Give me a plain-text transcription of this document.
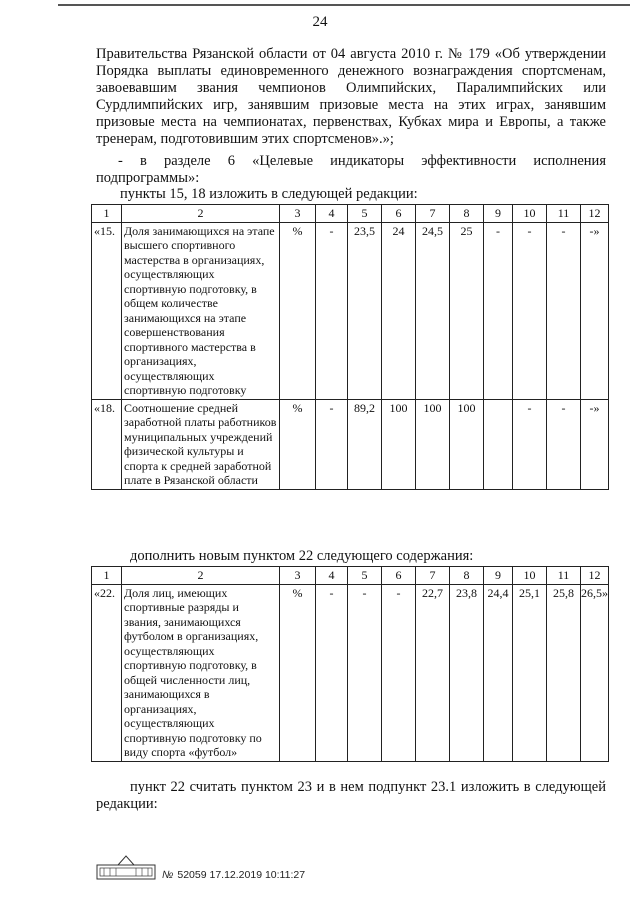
24
Правительства Рязанской области от 04 августа 2010 г. № 179 «Об утверждении Порядка выплаты единовременного денежного вознаграждения спортсменам, завоевавшим звания чемпионов Олимпийских, Паралимпийских или Сурдлимпийских игр, занявшим призовые места на этих играх, занявшим призовые места на чемпионатах, первенствах, Кубках мира и Европы, а также тренерам, подготовившим этих спортсменов».»;
- в разделе 6 «Целевые индикаторы эффективности исполнения подпрограммы»:
пункты 15, 18 изложить в следующей редакции:
1	2	3	4	5	6	7	8	9	10	11	12
«15.	Доля занимающихся на этапе высшего спортивного мастерства в организациях, осуществляющих спортивную подготовку, в общем количестве занимающихся на этапе совершенствования спортивного мастерства в организациях, осуществляющих спортивную подготовку	%	-	23,5	24	24,5	25	-	-	-	-»
«18.	Соотношение средней заработной платы работников муниципальных учреждений физической культуры и спорта к средней заработной плате в Рязанской области	%	-	89,2	100	100	100		-	-	-»
дополнить новым пунктом 22 следующего содержания:
1	2	3	4	5	6	7	8	9	10	11	12
«22.	Доля лиц, имеющих спортивные разряды и звания, занимающихся футболом в организациях, осуществляющих спортивную подготовку, в общей численности лиц, занимающихся в организациях, осуществляющих спортивную подготовку по виду спорта «футбол»	%	-	-	-	22,7	23,8	24,4	25,1	25,8	26,5»
пункт 22 считать пунктом 23 и в нем подпункт 23.1 изложить в следующей редакции:
№ 52059 17.12.2019 10:11:27
